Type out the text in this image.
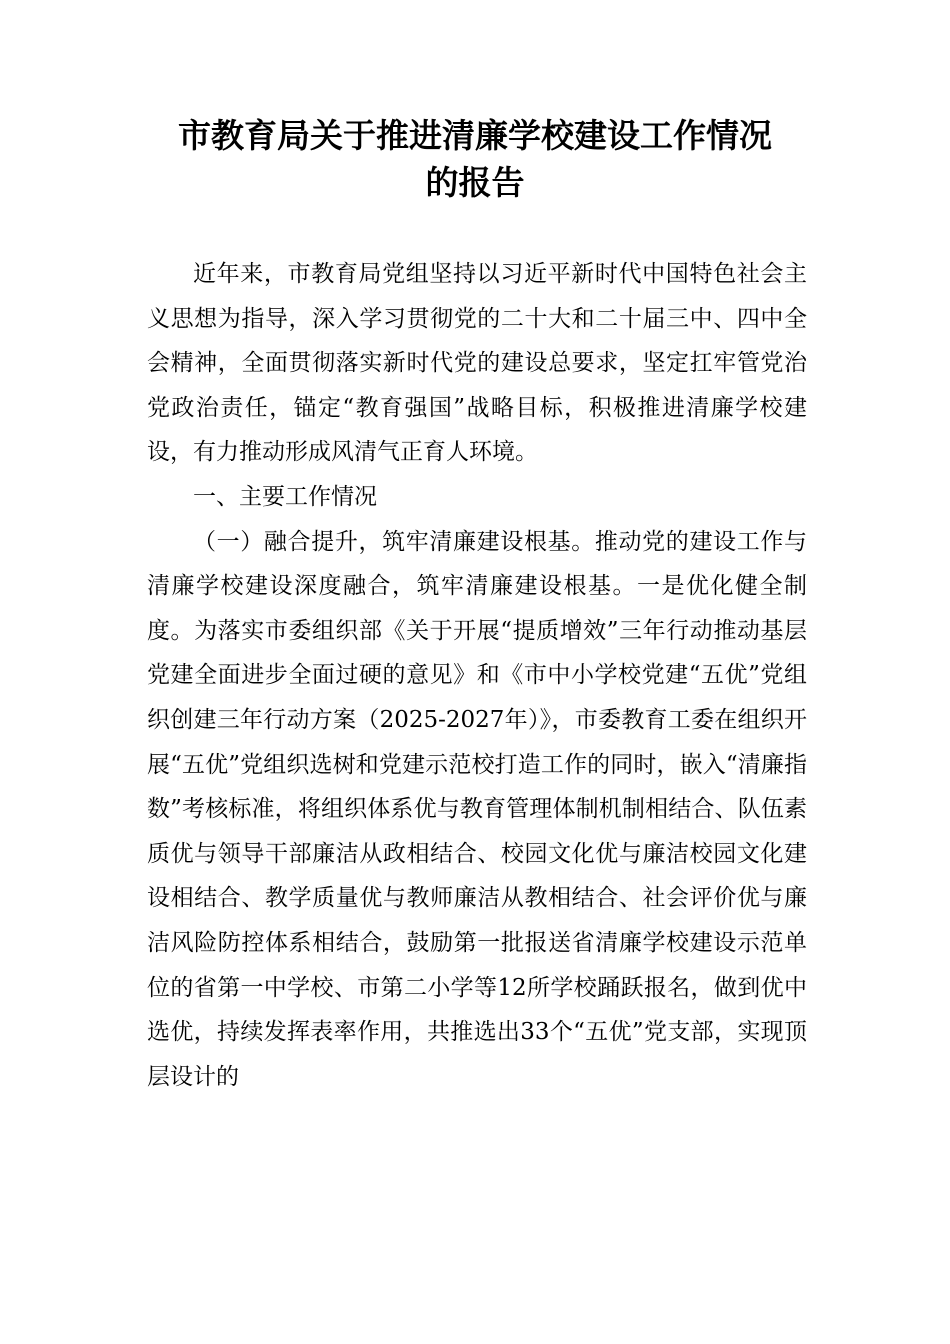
市教育局关于推进清廉学校建设工作情况
的报告

近年来，市教育局党组坚持以习近平新时代中国特色社会主义思想为指导，深入学习贯彻党的二十大和二十届三中、四中全会精神，全面贯彻落实新时代党的建设总要求，坚定扛牢管党治党政治责任，锚定“教育强国”战略目标，积极推进清廉学校建设，有力推动形成风清气正育人环境。

一、主要工作情况

（一）融合提升，筑牢清廉建设根基。推动党的建设工作与清廉学校建设深度融合，筑牢清廉建设根基。一是优化健全制度。为落实市委组织部《关于开展“提质增效”三年行动推动基层党建全面进步全面过硬的意见》和《市中小学校党建“五优”党组织创建三年行动方案（2025-2027年）》，市委教育工委在组织开展“五优”党组织选树和党建示范校打造工作的同时，嵌入“清廉指数”考核标准，将组织体系优与教育管理体制机制相结合、队伍素质优与领导干部廉洁从政相结合、校园文化优与廉洁校园文化建设相结合、教学质量优与教师廉洁从教相结合、社会评价优与廉洁风险防控体系相结合，鼓励第一批报送省清廉学校建设示范单位的省第一中学校、市第二小学等12所学校踊跃报名，做到优中选优，持续发挥表率作用，共推选出33个“五优”党支部，实现顶层设计的
